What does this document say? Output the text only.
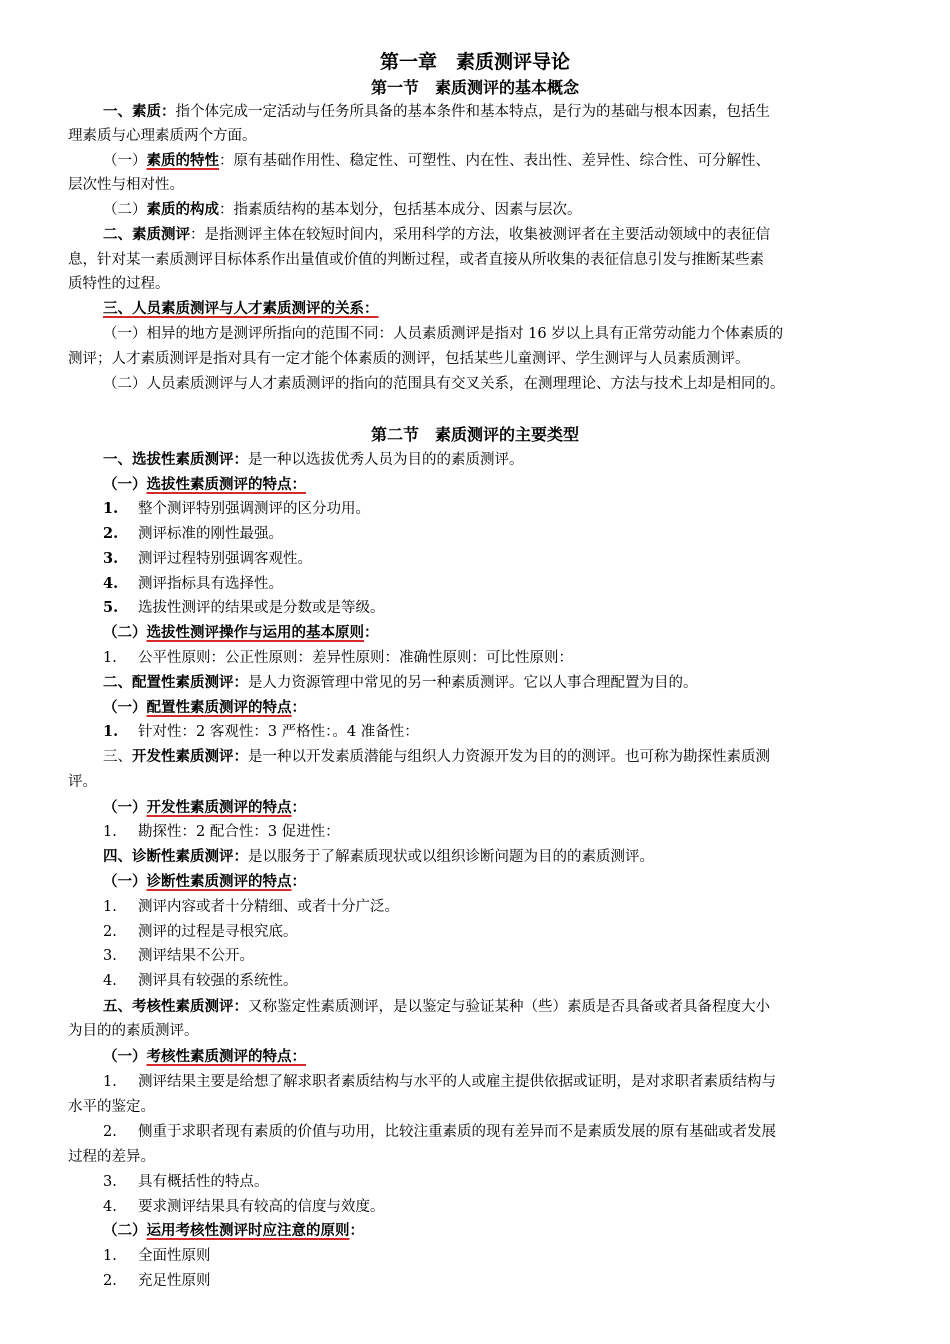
第一章　素质测评导论
第一节　素质测评的基本概念
一、素质：指个体完成一定活动与任务所具备的基本条件和基本特点，是行为的基础与根本因素，包括生
理素质与心理素质两个方面。
（一）素质的特性：原有基础作用性、稳定性、可塑性、内在性、表出性、差异性、综合性、可分解性、
层次性与相对性。
（二）素质的构成：指素质结构的基本划分，包括基本成分、因素与层次。
二、素质测评：是指测评主体在较短时间内，采用科学的方法，收集被测评者在主要活动领域中的表征信
息，针对某一素质测评目标体系作出量值或价值的判断过程，或者直接从所收集的表征信息引发与推断某些素
质特性的过程。
三、人员素质测评与人才素质测评的关系：
（一）相异的地方是测评所指向的范围不同：人员素质测评是指对 16 岁以上具有正常劳动能力个体素质的
测评；人才素质测评是指对具有一定才能个体素质的测评，包括某些儿童测评、学生测评与人员素质测评。
（二）人员素质测评与人才素质测评的指向的范围具有交叉关系，在测理理论、方法与技术上却是相同的。
第二节　素质测评的主要类型
一、选拔性素质测评：是一种以选拔优秀人员为目的的素质测评。
（一）选拔性素质测评的特点：
1. 整个测评特别强调测评的区分功用。
2. 测评标准的刚性最强。
3. 测评过程特别强调客观性。
4. 测评指标具有选择性。
5. 选拔性测评的结果或是分数或是等级。
（二）选拔性测评操作与运用的基本原则：
1. 公平性原则：公正性原则：差异性原则：准确性原则：可比性原则：
二、配置性素质测评：是人力资源管理中常见的另一种素质测评。它以人事合理配置为目的。
（一）配置性素质测评的特点：
1. 针对性：2 客观性：3 严格性：。4 准备性：
三、开发性素质测评：是一种以开发素质潜能与组织人力资源开发为目的的测评。也可称为勘探性素质测
评。
（一）开发性素质测评的特点：
1. 勘探性：2 配合性：3 促进性：
四、诊断性素质测评：是以服务于了解素质现状或以组织诊断问题为目的的素质测评。
（一）诊断性素质测评的特点：
1. 测评内容或者十分精细、或者十分广泛。
2. 测评的过程是寻根究底。
3. 测评结果不公开。
4. 测评具有较强的系统性。
五、考核性素质测评：又称鉴定性素质测评，是以鉴定与验证某种（些）素质是否具备或者具备程度大小
为目的的素质测评。
（一）考核性素质测评的特点：
1. 测评结果主要是给想了解求职者素质结构与水平的人或雇主提供依据或证明，是对求职者素质结构与
水平的鉴定。
2. 侧重于求职者现有素质的价值与功用，比较注重素质的现有差异而不是素质发展的原有基础或者发展
过程的差异。
3. 具有概括性的特点。
4. 要求测评结果具有较高的信度与效度。
（二）运用考核性测评时应注意的原则：
1. 全面性原则
2. 充足性原则
